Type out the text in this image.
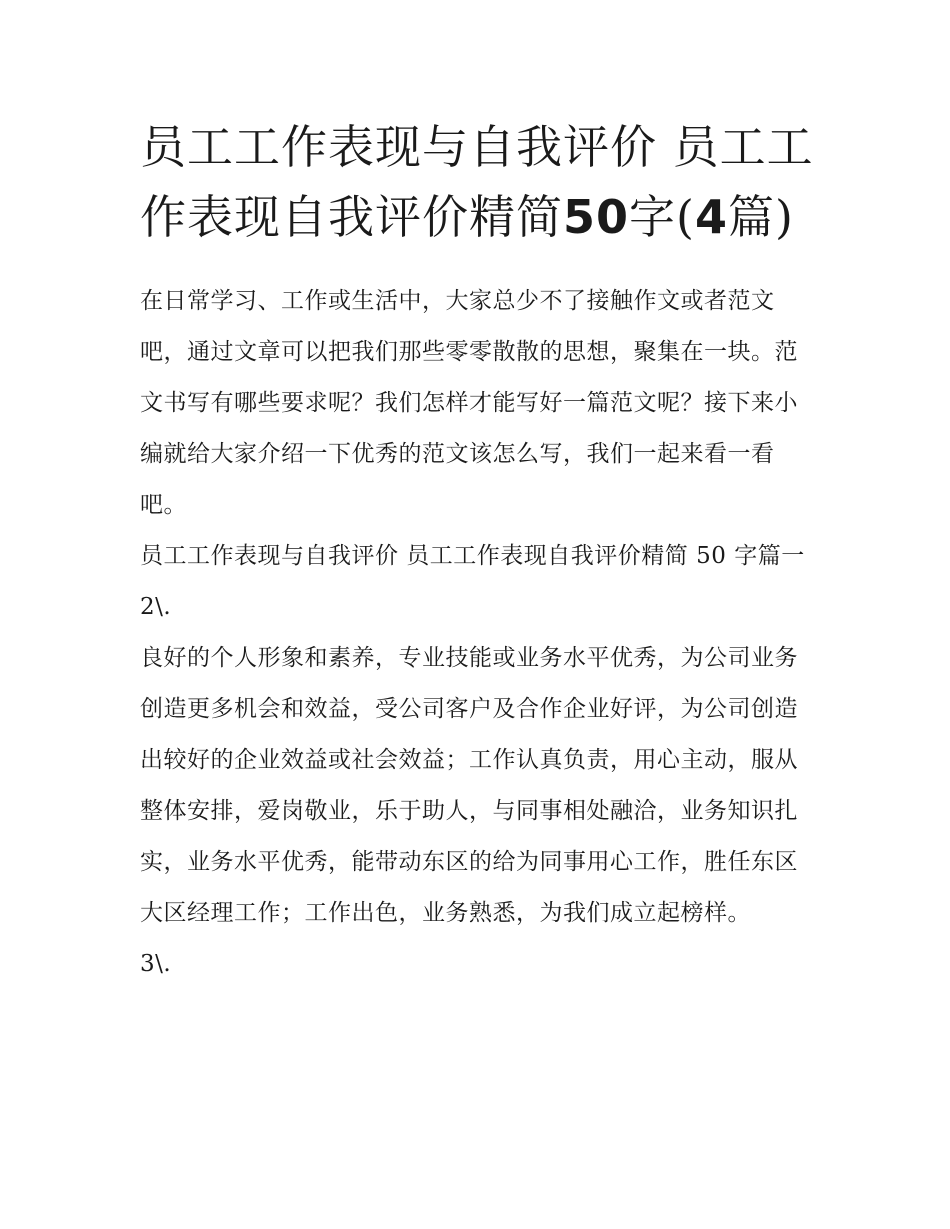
员工工作表现与自我评价 员工工作表现自我评价精简50字(4篇)

在日常学习、工作或生活中，大家总少不了接触作文或者范文吧，通过文章可以把我们那些零零散散的思想，聚集在一块。范文书写有哪些要求呢？我们怎样才能写好一篇范文呢？接下来小编就给大家介绍一下优秀的范文该怎么写，我们一起来看一看吧。

员工工作表现与自我评价 员工工作表现自我评价精简 50 字篇一 2\.

良好的个人形象和素养，专业技能或业务水平优秀，为公司业务创造更多机会和效益，受公司客户及合作企业好评，为公司创造出较好的企业效益或社会效益；工作认真负责，用心主动，服从整体安排，爱岗敬业，乐于助人，与同事相处融洽，业务知识扎实，业务水平优秀，能带动东区的给为同事用心工作，胜任东区大区经理工作；工作出色，业务熟悉，为我们成立起榜样。

3\.
